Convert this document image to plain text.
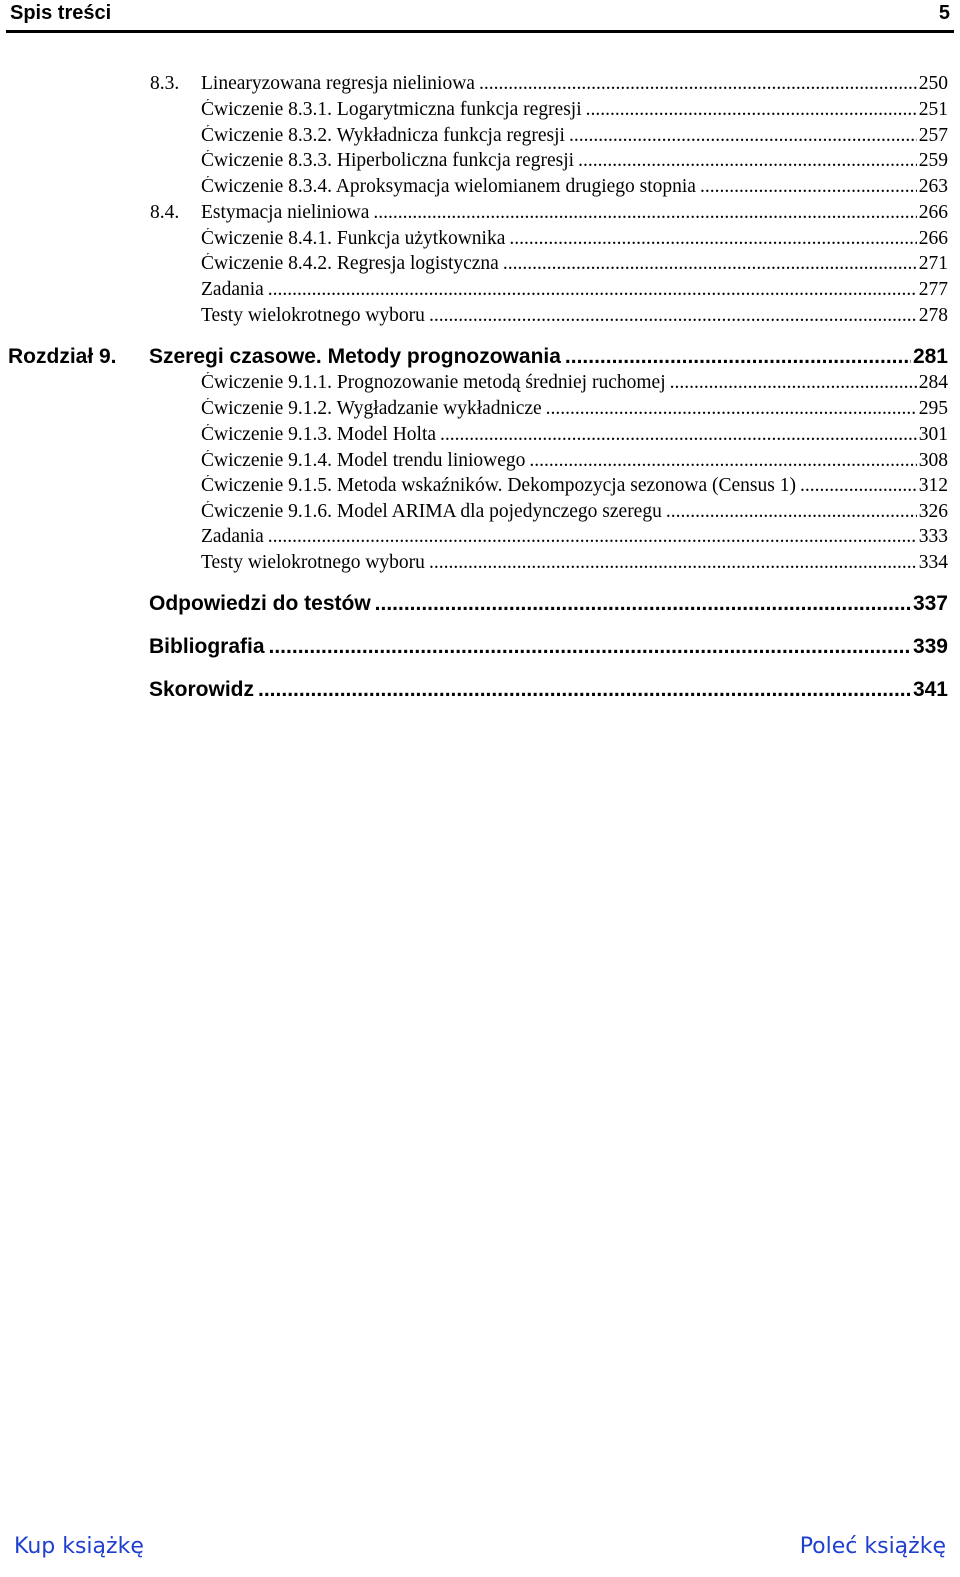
Spis treści	5
8.3. Linearyzowana regresja nieliniowa .....	250
Ćwiczenie 8.3.1. Logarytmiczna funkcja regresji .....	251
Ćwiczenie 8.3.2. Wykładnicza funkcja regresji .....	257
Ćwiczenie 8.3.3. Hiperboliczna funkcja regresji .....	259
Ćwiczenie 8.3.4. Aproksymacja wielomianem drugiego stopnia .....	263
8.4. Estymacja nieliniowa .....	266
Ćwiczenie 8.4.1. Funkcja użytkownika .....	266
Ćwiczenie 8.4.2. Regresja logistyczna .....	271
Zadania .....	277
Testy wielokrotnego wyboru .....	278
Rozdział 9. Szeregi czasowe. Metody prognozowania .....	281
Ćwiczenie 9.1.1. Prognozowanie metodą średniej ruchomej .....	284
Ćwiczenie 9.1.2. Wygładzanie wykładnicze .....	295
Ćwiczenie 9.1.3. Model Holta .....	301
Ćwiczenie 9.1.4. Model trendu liniowego .....	308
Ćwiczenie 9.1.5. Metoda wskaźników. Dekompozycja sezonowa (Census 1) .....	312
Ćwiczenie 9.1.6. Model ARIMA dla pojedynczego szeregu .....	326
Zadania .....	333
Testy wielokrotnego wyboru .....	334
Odpowiedzi do testów .....	337
Bibliografia .....	339
Skorowidz .....	341
Kup książkę	Poleć książkę
